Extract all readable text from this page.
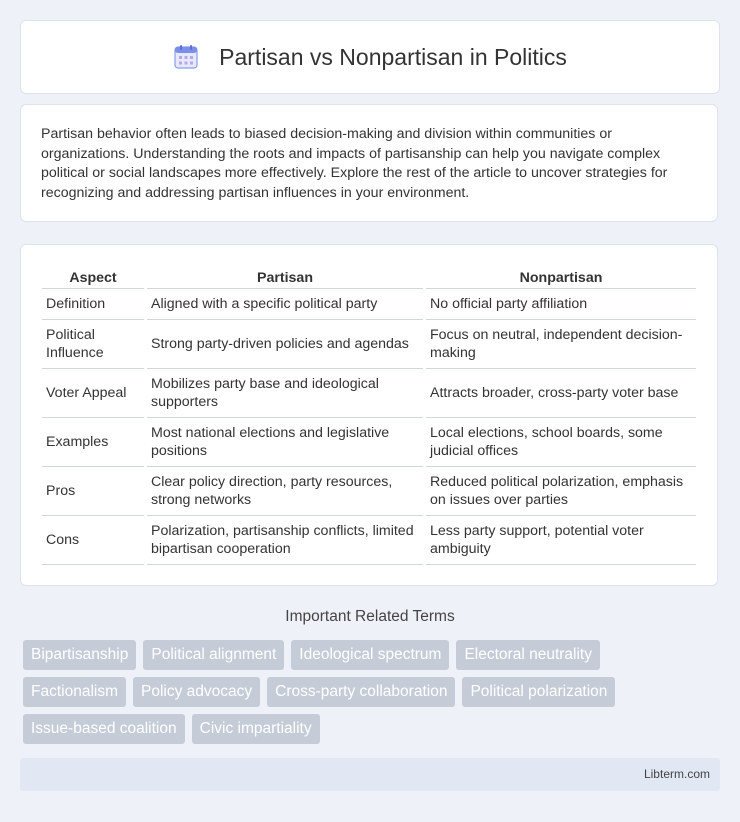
Partisan vs Nonpartisan in Politics

Partisan behavior often leads to biased decision-making and division within communities or organizations. Understanding the roots and impacts of partisanship can help you navigate complex political or social landscapes more effectively. Explore the rest of the article to uncover strategies for recognizing and addressing partisan influences in your environment.

Aspect	Partisan	Nonpartisan
Definition	Aligned with a specific political party	No official party affiliation
Political Influence	Strong party-driven policies and agendas	Focus on neutral, independent decision-making
Voter Appeal	Mobilizes party base and ideological supporters	Attracts broader, cross-party voter base
Examples	Most national elections and legislative positions	Local elections, school boards, some judicial offices
Pros	Clear policy direction, party resources, strong networks	Reduced political polarization, emphasis on issues over parties
Cons	Polarization, partisanship conflicts, limited bipartisan cooperation	Less party support, potential voter ambiguity
Important Related Terms
Bipartisanship	Political alignment	Ideological spectrum	Electoral neutrality
Factionalism	Policy advocacy	Cross-party collaboration	Political polarization
Issue-based coalition	Civic impartiality
Libterm.com
